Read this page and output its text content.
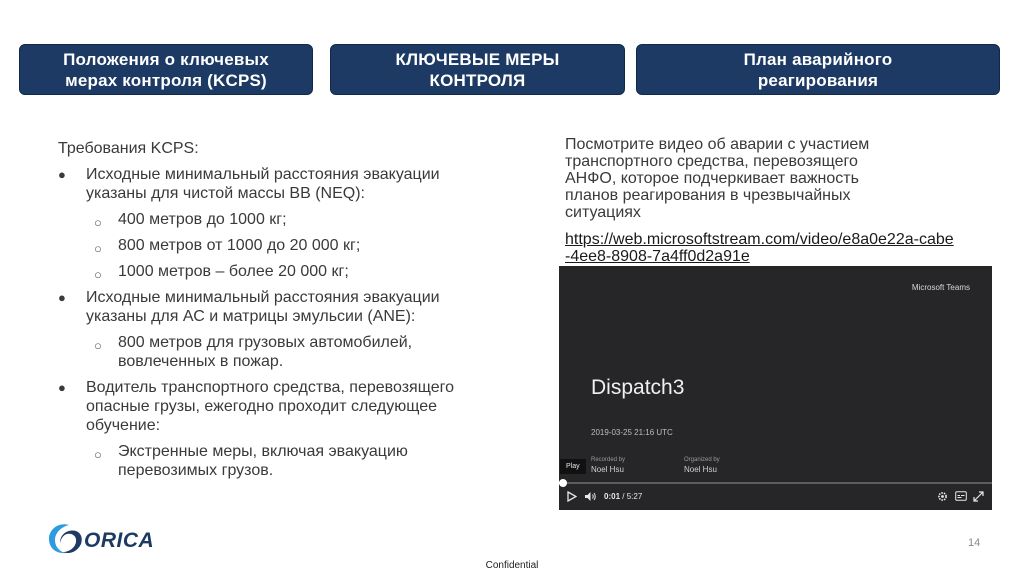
Положения о ключевых мерах контроля (KCPS)
КЛЮЧЕВЫЕ МЕРЫ КОНТРОЛЯ
План аварийного реагирования
Требования KCPS:
● Исходные минимальный расстояния эвакуации указаны для чистой массы ВВ (NEQ):
○ 400 метров до 1000 кг;
○ 800 метров от 1000 до 20 000 кг;
○ 1000 метров – более 20 000 кг;
● Исходные минимальный расстояния эвакуации указаны для АС и матрицы эмульсии (ANE):
○ 800 метров для грузовых автомобилей, вовлеченных в пожар.
● Водитель транспортного средства, перевозящего опасные грузы, ежегодно проходит следующее обучение:
○ Экстренные меры, включая эвакуацию перевозимых грузов.
Посмотрите видео об аварии с участием транспортного средства, перевозящего АНФО, которое подчеркивает важность планов реагирования в чрезвычайных ситуациях
https://web.microsoftstream.com/video/e8a0e22a-cabe-4ee8-8908-7a4ff0d2a91e
Microsoft Teams
Dispatch3
2019-03-25 21:16 UTC
Recorded by
Noel Hsu
Organized by
Noel Hsu
Play
0:01 / 5:27
ORICA	14
Confidential
